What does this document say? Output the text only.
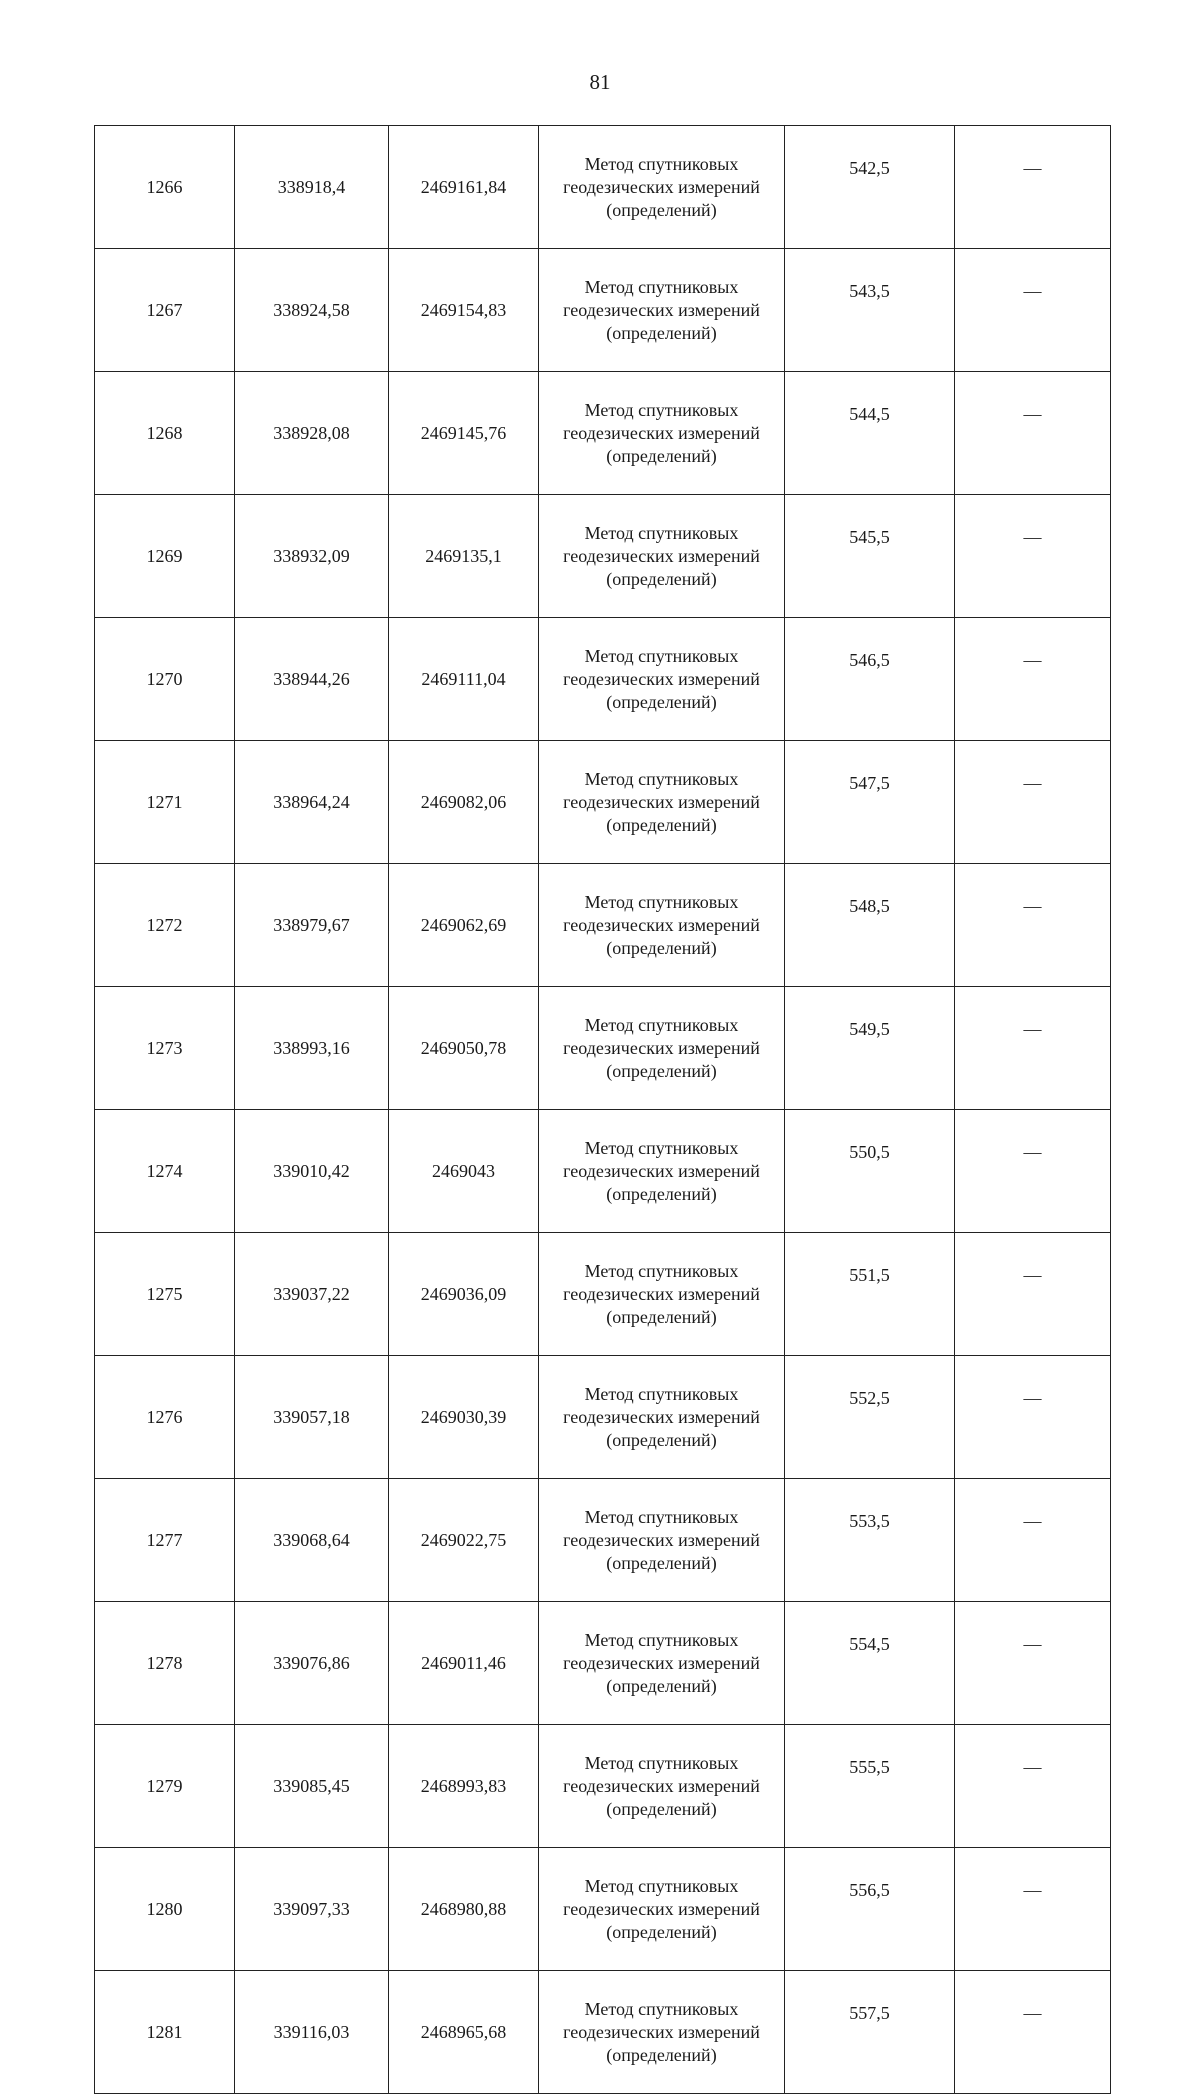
81
1266	338918,4	2469161,84	Метод спутниковых
геодезических измерений
(определений)	542,5	—
1267	338924,58	2469154,83	Метод спутниковых
геодезических измерений
(определений)	543,5	—
1268	338928,08	2469145,76	Метод спутниковых
геодезических измерений
(определений)	544,5	—
1269	338932,09	2469135,1	Метод спутниковых
геодезических измерений
(определений)	545,5	—
1270	338944,26	2469111,04	Метод спутниковых
геодезических измерений
(определений)	546,5	—
1271	338964,24	2469082,06	Метод спутниковых
геодезических измерений
(определений)	547,5	—
1272	338979,67	2469062,69	Метод спутниковых
геодезических измерений
(определений)	548,5	—
1273	338993,16	2469050,78	Метод спутниковых
геодезических измерений
(определений)	549,5	—
1274	339010,42	2469043	Метод спутниковых
геодезических измерений
(определений)	550,5	—
1275	339037,22	2469036,09	Метод спутниковых
геодезических измерений
(определений)	551,5	—
1276	339057,18	2469030,39	Метод спутниковых
геодезических измерений
(определений)	552,5	—
1277	339068,64	2469022,75	Метод спутниковых
геодезических измерений
(определений)	553,5	—
1278	339076,86	2469011,46	Метод спутниковых
геодезических измерений
(определений)	554,5	—
1279	339085,45	2468993,83	Метод спутниковых
геодезических измерений
(определений)	555,5	—
1280	339097,33	2468980,88	Метод спутниковых
геодезических измерений
(определений)	556,5	—
1281	339116,03	2468965,68	Метод спутниковых
геодезических измерений
(определений)	557,5	—
